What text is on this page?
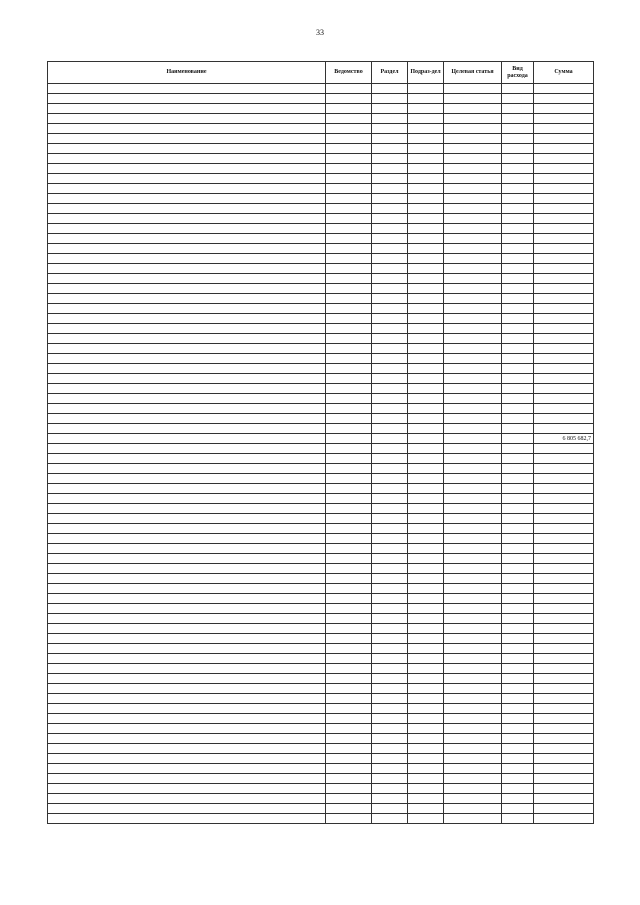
33
Наименование	Ведомство	Раздел	Подраз-дел	Целевая статья	Вид расхода	Сумма

						6 805 682,7
